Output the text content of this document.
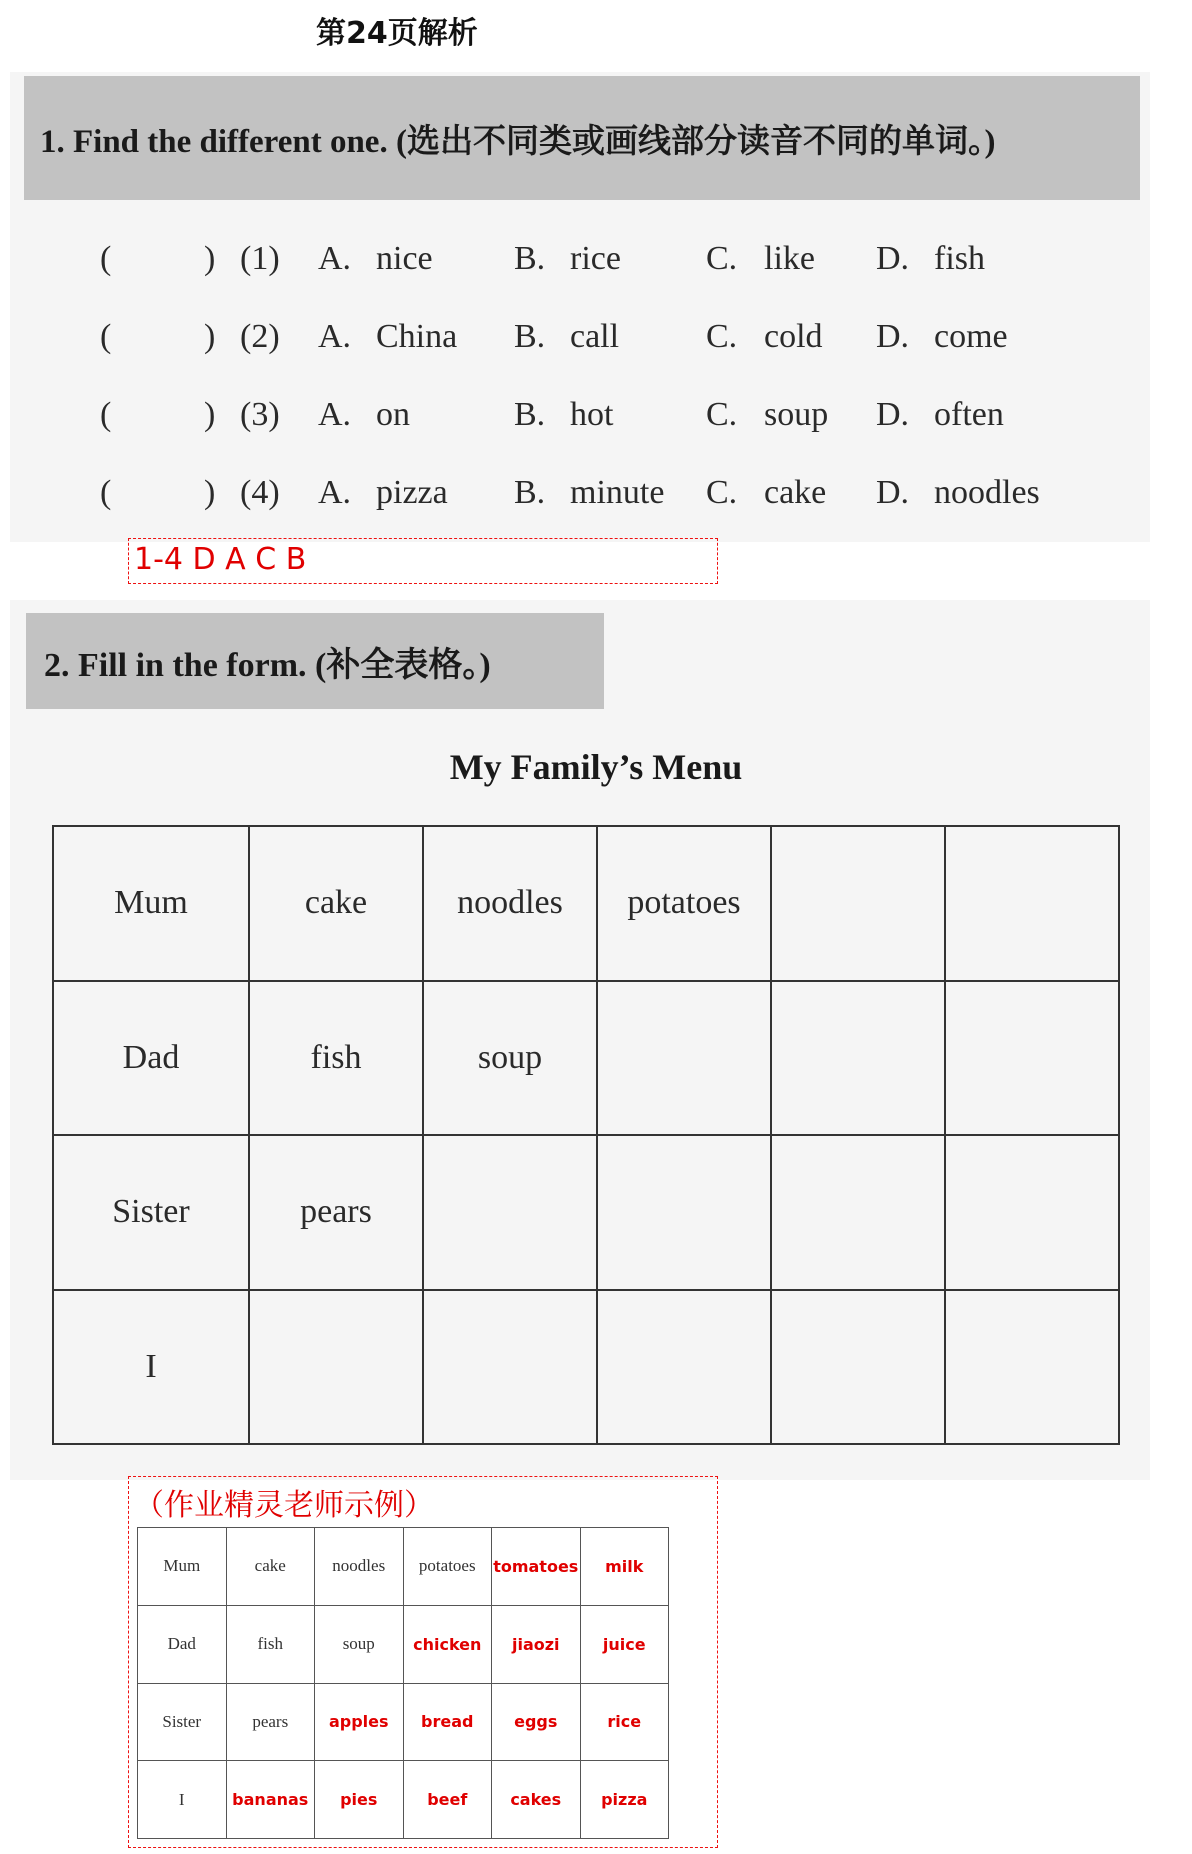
第24页解析
1. Find the different one. (选出不同类或画线部分读音不同的单词。)
(	) (1) A. nice B. rice	C. like D. fish
(	) (2) A. China B. call	C. cold D. come
(	) (3) A. on	B. hot	C. soup D. often
(	) (4) A. pizza B. minute C. cake D. noodles
1-4 D A C B
2. Fill in the form. (补全表格。)
My Family’s Menu
Mum	cake	noodles	potatoes		
Dad	fish	soup			
Sister	pears				
I					
（作业精灵老师示例）
Mum	cake	noodles	potatoes	tomatoes	milk
Dad	fish	soup	chicken	jiaozi	juice
Sister	pears	apples	bread	eggs	rice
I	bananas	pies	beef	cakes	pizza
